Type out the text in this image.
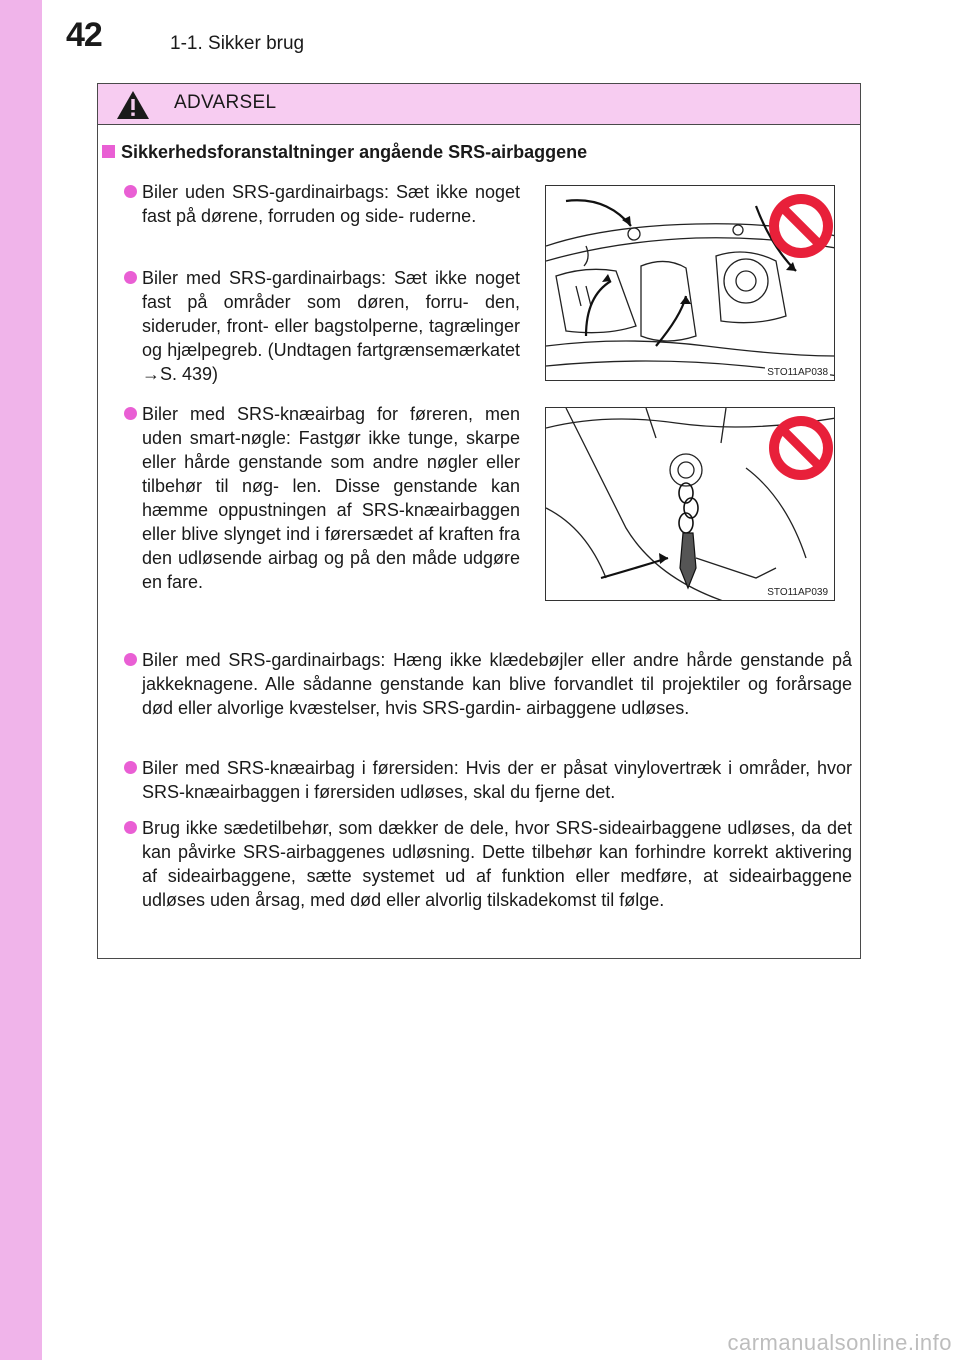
42	1-1. Sikker brug
ADVARSEL
Sikkerhedsforanstaltninger angående SRS-airbaggene
Biler uden SRS-gardinairbags: Sæt ikke noget fast på dørene, forruden og side- ruderne.
Biler med SRS-gardinairbags: Sæt ikke noget fast på områder som døren, forru- den, sideruder, front- eller bagstolperne, tagrælinger og hjælpegreb. (Undtagen fartgrænsemærkatet →S. 439)	STO11AP038
Biler med SRS-knæairbag for føreren, men uden smart-nøgle: Fastgør ikke tunge, skarpe eller hårde genstande som andre nøgler eller tilbehør til nøg- len. Disse genstande kan hæmme oppustningen af SRS-knæairbaggen eller blive slynget ind i førersædet af kraften fra den udløsende airbag og på den måde udgøre en fare.
STO11AP039
Biler med SRS-gardinairbags: Hæng ikke klædebøjler eller andre hårde genstande på jakkeknagene. Alle sådanne genstande kan blive forvandlet til projektiler og forårsage død eller alvorlige kvæstelser, hvis SRS-gardin- airbaggene udløses.
Biler med SRS-knæairbag i førersiden: Hvis der er påsat vinylovertræk i områder, hvor SRS-knæairbaggen i førersiden udløses, skal du fjerne det.
Brug ikke sædetilbehør, som dækker de dele, hvor SRS-sideairbaggene udløses, da det kan påvirke SRS-airbaggenes udløsning. Dette tilbehør kan forhindre korrekt aktivering af sideairbaggene, sætte systemet ud af funktion eller medføre, at sideairbaggene udløses uden årsag, med død eller alvorlig tilskadekomst til følge.
carmanualsonline.info
